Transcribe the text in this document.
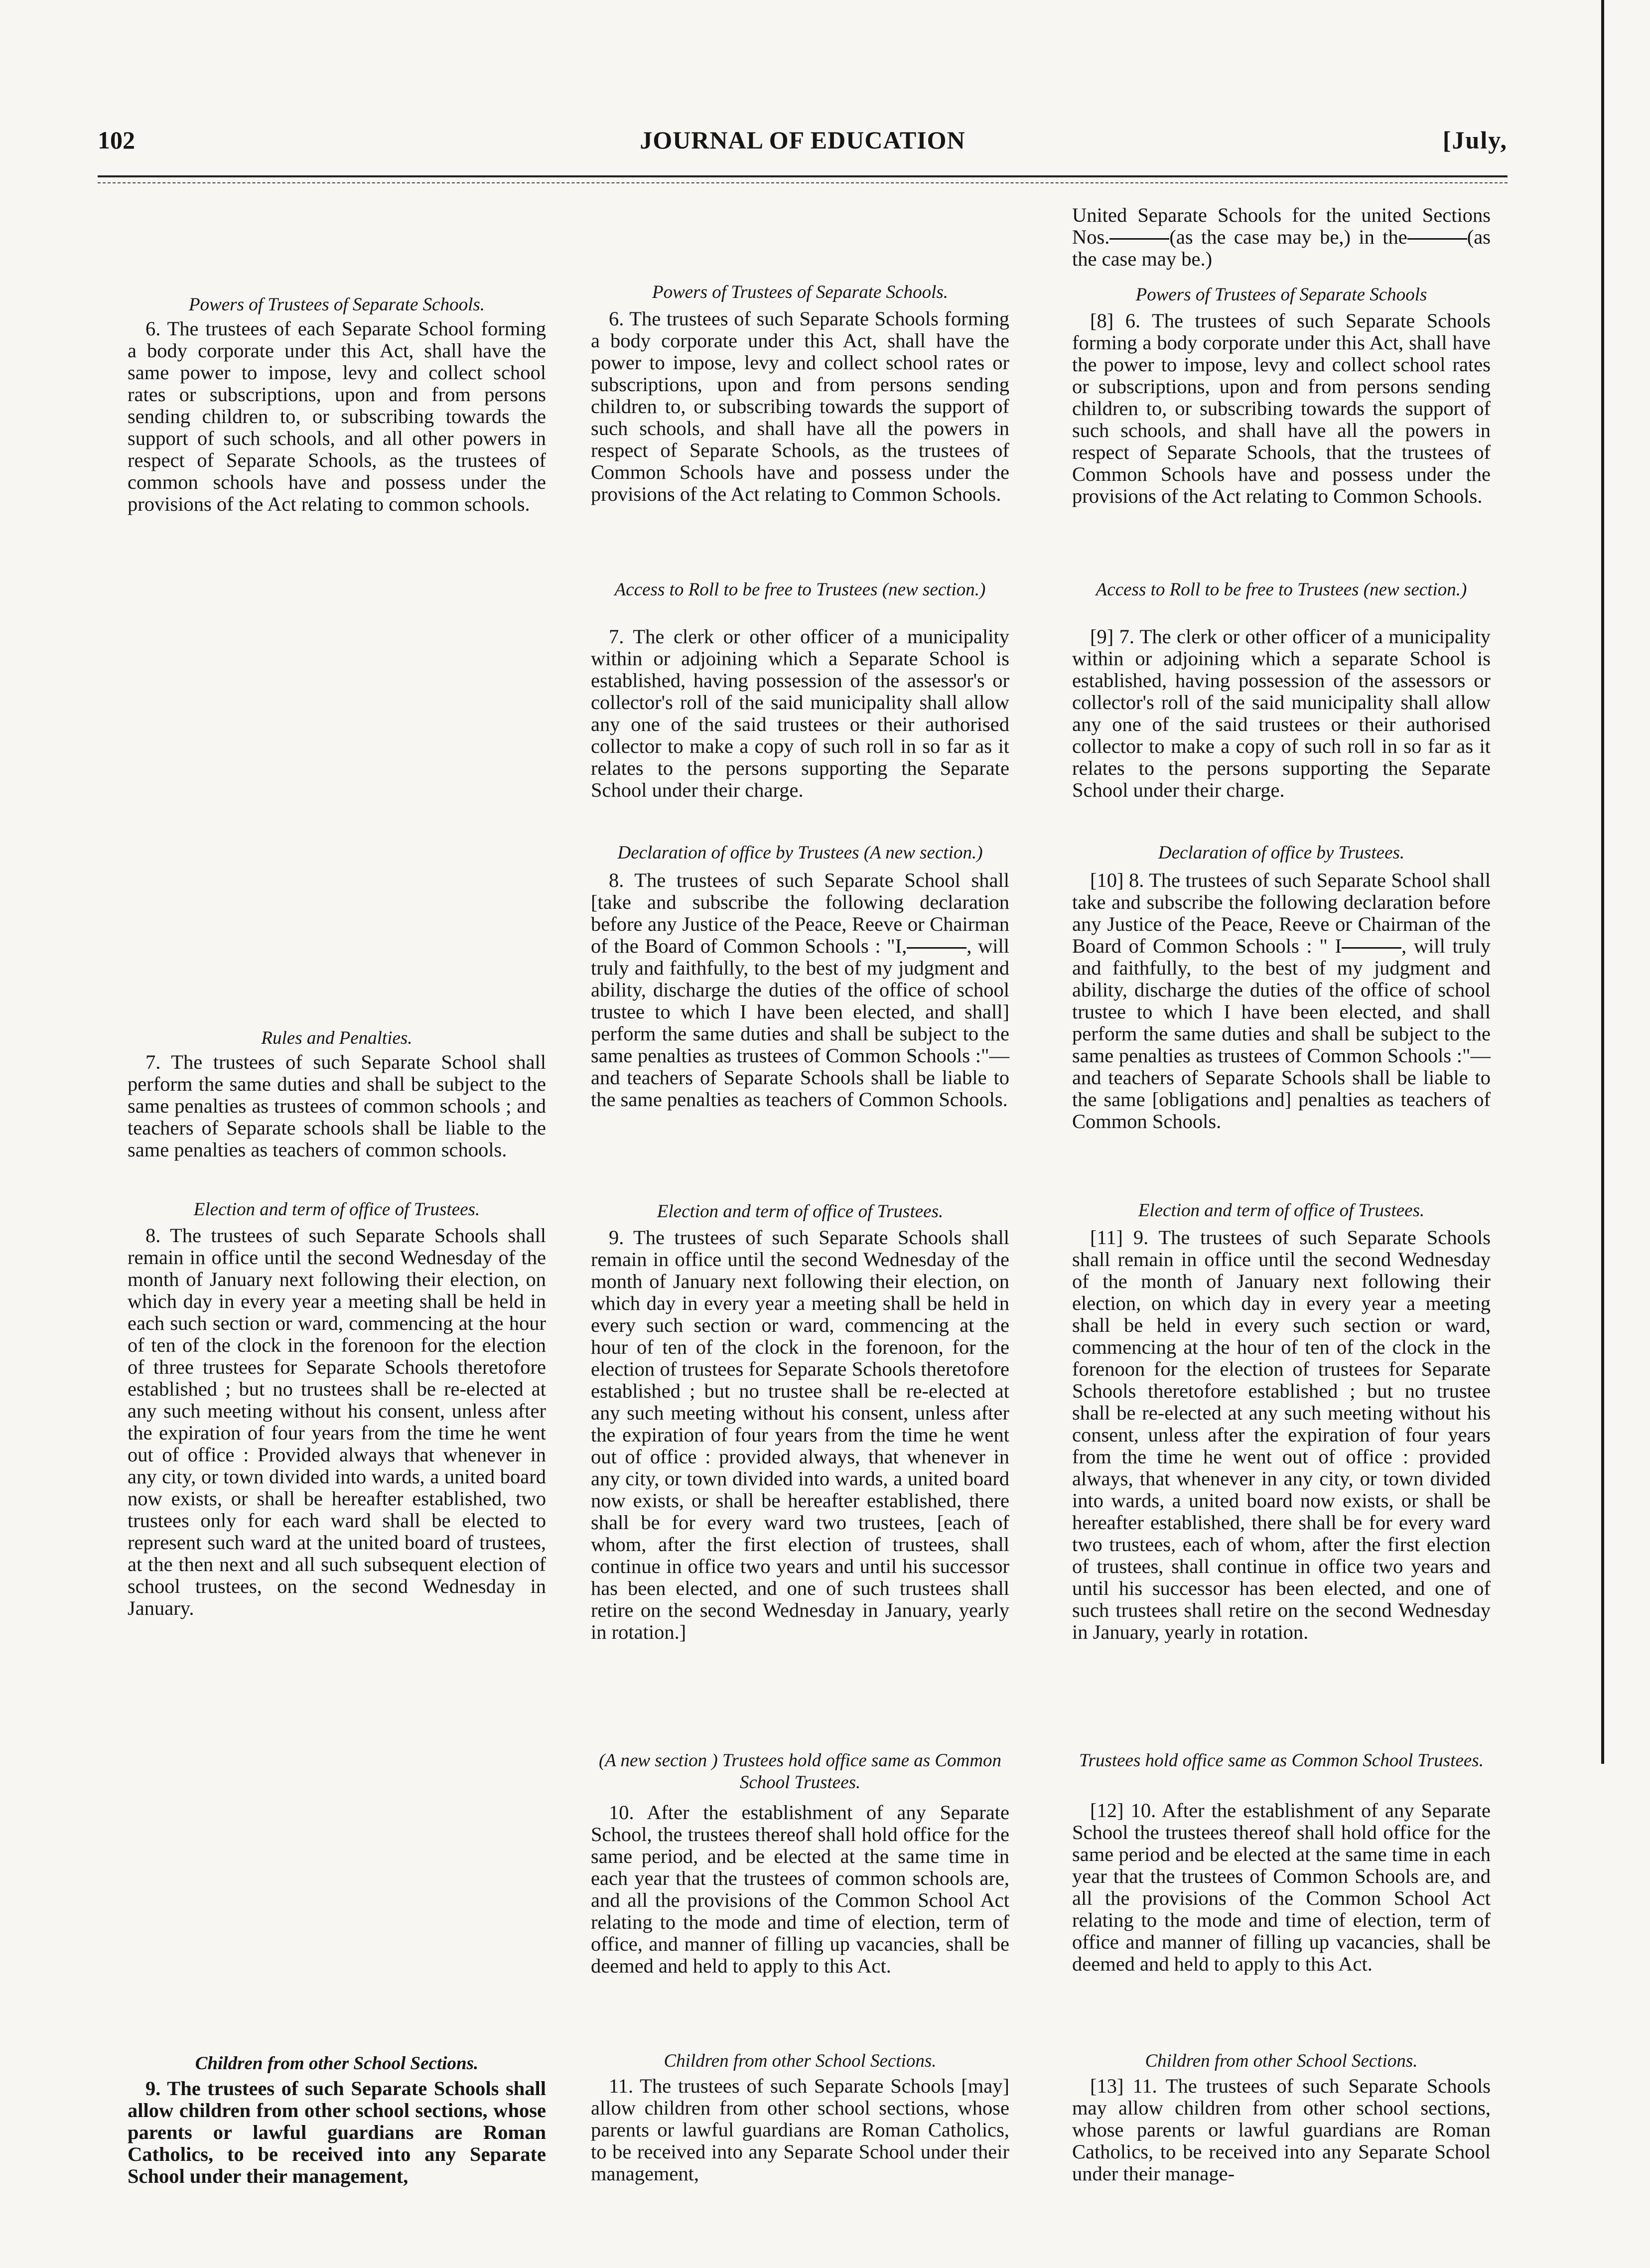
102	JOURNAL OF EDUCATION	[July,
Powers of Trustees of Separate Schools.
6. The trustees of each Separate School forming a body corporate under this Act, shall have the same power to impose, levy and collect school rates or subscriptions, upon and from persons sending children to, or subscribing towards the support of such schools, and all other powers in respect of Separate Schools, as the trustees of common schools have and possess under the provisions of the Act relating to common schools.
Rules and Penalties.
7. The trustees of such Separate School shall perform the same duties and shall be subject to the same penalties as trustees of common schools ; and teachers of Separate schools shall be liable to the same penalties as teachers of common schools.
Election and term of office of Trustees.
8. The trustees of such Separate Schools shall remain in office until the second Wednesday of the month of January next following their election, on which day in every year a meeting shall be held in each such section or ward, commencing at the hour of ten of the clock in the forenoon for the election of three trustees for Separate Schools theretofore established ; but no trustees shall be re-elected at any such meeting without his consent, unless after the expiration of four years from the time he went out of office : Provided always that whenever in any city, or town divided into wards, a united board now exists, or shall be hereafter established, two trustees only for each ward shall be elected to represent such ward at the united board of trustees, at the then next and all such subsequent election of school trustees, on the second Wednesday in January.
Children from other School Sections.
9. The trustees of such Separate Schools shall allow children from other school sections, whose parents or lawful guardians are Roman Catholics, to be received into any Separate School under their management,
Powers of Trustees of Separate Schools.
6. The trustees of such Separate Schools forming a body corporate under this Act, shall have the power to impose, levy and collect school rates or subscriptions, upon and from persons sending children to, or subscribing towards the support of such schools, and shall have all the powers in respect of Separate Schools, as the trustees of Common Schools have and possess under the provisions of the Act relating to Common Schools.
Access to Roll to be free to Trustees (new section.)
7. The clerk or other officer of a municipality within or adjoining which a Separate School is established, having possession of the assessor's or collector's roll of the said municipality shall allow any one of the said trustees or their authorised collector to make a copy of such roll in so far as it relates to the persons supporting the Separate School under their charge.
Declaration of office by Trustees (A new section.)
8. The trustees of such Separate School shall [take and subscribe the following declaration before any Justice of the Peace, Reeve or Chairman of the Board of Common Schools : "I,	, will truly and faithfully, to the best of my judgment and ability, discharge the duties of the office of school trustee to which I have been elected, and shall] perform the same duties and shall be subject to the same penalties as trustees of Common Schools :"—and teachers of Separate Schools shall be liable to the same penalties as teachers of Common Schools.
Election and term of office of Trustees.
9. The trustees of such Separate Schools shall remain in office until the second Wednesday of the month of January next following their election, on which day in every year a meeting shall be held in every such section or ward, commencing at the hour of ten of the clock in the forenoon, for the election of trustees for Separate Schools theretofore established ; but no trustee shall be re-elected at any such meeting without his consent, unless after the expiration of four years from the time he went out of office : provided always, that whenever in any city, or town divided into wards, a united board now exists, or shall be hereafter established, there shall be for every ward two trustees, [each of whom, after the first election of trustees, shall continue in office two years and until his successor has been elected, and one of such trustees shall retire on the second Wednesday in January, yearly in rotation.]
(A new section ) Trustees hold office same as Common School Trustees.
10. After the establishment of any Separate School, the trustees thereof shall hold office for the same period, and be elected at the same time in each year that the trustees of common schools are, and all the provisions of the Common School Act relating to the mode and time of election, term of office, and manner of filling up vacancies, shall be deemed and held to apply to this Act.
Children from other School Sections.
11. The trustees of such Separate Schools [may] allow children from other school sections, whose parents or lawful guardians are Roman Catholics, to be received into any Separate School under their management,
United Separate Schools for the united Sections Nos.	(as the case may be,) in the	(as the case may be.)
Powers of Trustees of Separate Schools
[8] 6. The trustees of such Separate Schools forming a body corporate under this Act, shall have the power to impose, levy and collect school rates or subscriptions, upon and from persons sending children to, or subscribing towards the support of such schools, and shall have all the powers in respect of Separate Schools, that the trustees of Common Schools have and possess under the provisions of the Act relating to Common Schools.
Access to Roll to be free to Trustees (new section.)
[9] 7. The clerk or other officer of a municipality within or adjoining which a separate School is established, having possession of the assessors or collector's roll of the said municipality shall allow any one of the said trustees or their authorised collector to make a copy of such roll in so far as it relates to the persons supporting the Separate School under their charge.
Declaration of office by Trustees.
[10] 8. The trustees of such Separate School shall take and subscribe the following declaration before any Justice of the Peace, Reeve or Chairman of the Board of Common Schools : " I	, will truly and faithfully, to the best of my judgment and ability, discharge the duties of the office of school trustee to which I have been elected, and shall perform the same duties and shall be subject to the same penalties as trustees of Common Schools :"—and teachers of Separate Schools shall be liable to the same [obligations and] penalties as teachers of Common Schools.
Election and term of office of Trustees.
[11] 9. The trustees of such Separate Schools shall remain in office until the second Wednesday of the month of January next following their election, on which day in every year a meeting shall be held in every such section or ward, commencing at the hour of ten of the clock in the forenoon for the election of trustees for Separate Schools theretofore established ; but no trustee shall be re-elected at any such meeting without his consent, unless after the expiration of four years from the time he went out of office : provided always, that whenever in any city, or town divided into wards, a united board now exists, or shall be hereafter established, there shall be for every ward two trustees, each of whom, after the first election of trustees, shall continue in office two years and until his successor has been elected, and one of such trustees shall retire on the second Wednesday in January, yearly in rotation.
Trustees hold office same as Common School Trustees.
[12] 10. After the establishment of any Separate School the trustees thereof shall hold office for the same period and be elected at the same time in each year that the trustees of Common Schools are, and all the provisions of the Common School Act relating to the mode and time of election, term of office and manner of filling up vacancies, shall be deemed and held to apply to this Act.
Children from other School Sections.
[13] 11. The trustees of such Separate Schools may allow children from other school sections, whose parents or lawful guardians are Roman Catholics, to be received into any Separate School under their manage-
